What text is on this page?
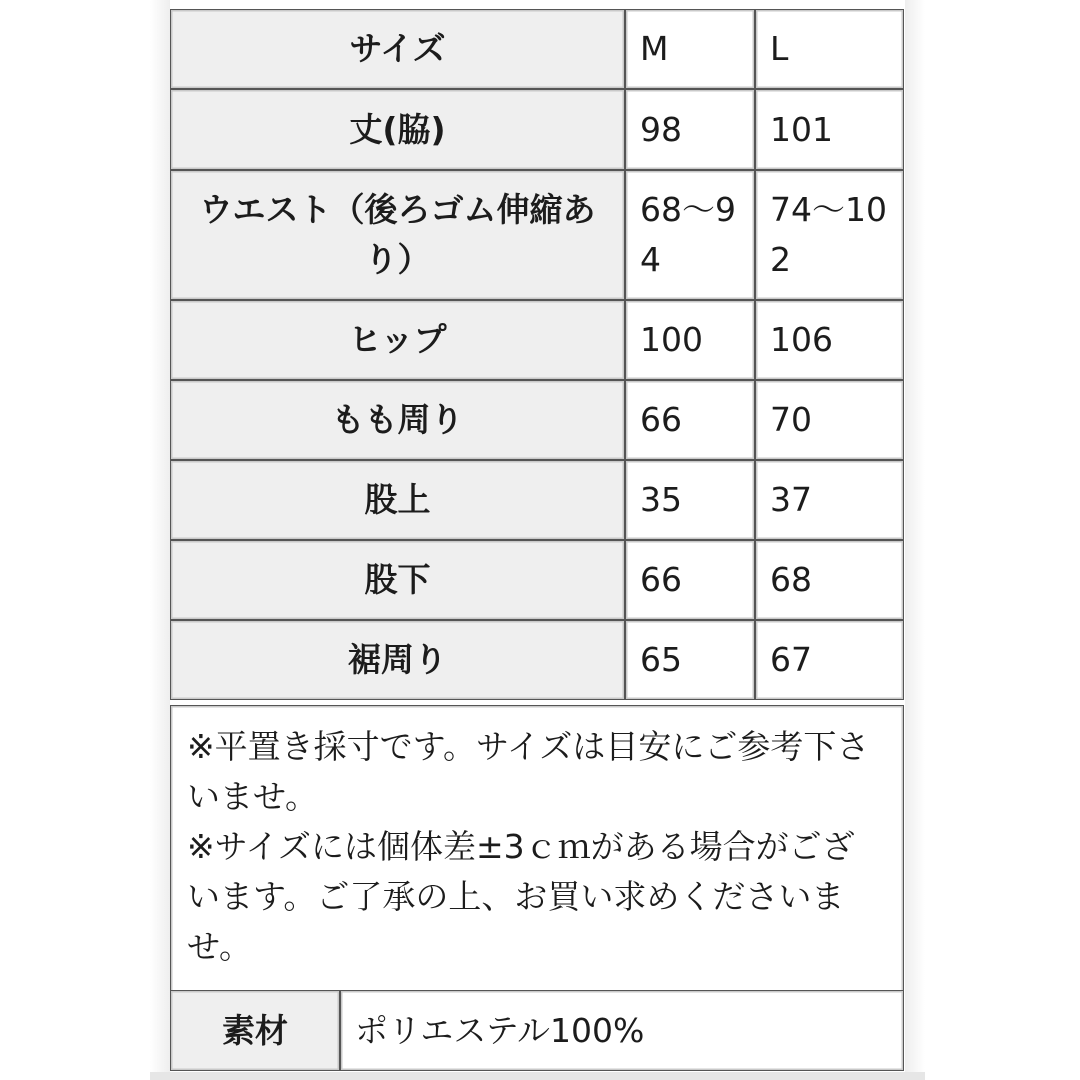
サイズ	M	L
丈(脇)	98	101
ウエスト（後ろゴム伸縮あり）	68〜94	74〜102
ヒップ	100	106
もも周り	66	70
股上	35	37
股下	66	68
裾周り	65	67
※平置き採寸です。サイズは目安にご参考下さいませ。
※サイズには個体差±3ｃｍがある場合がございます。ご了承の上、お買い求めくださいませ。
素材	ポリエステル100%
